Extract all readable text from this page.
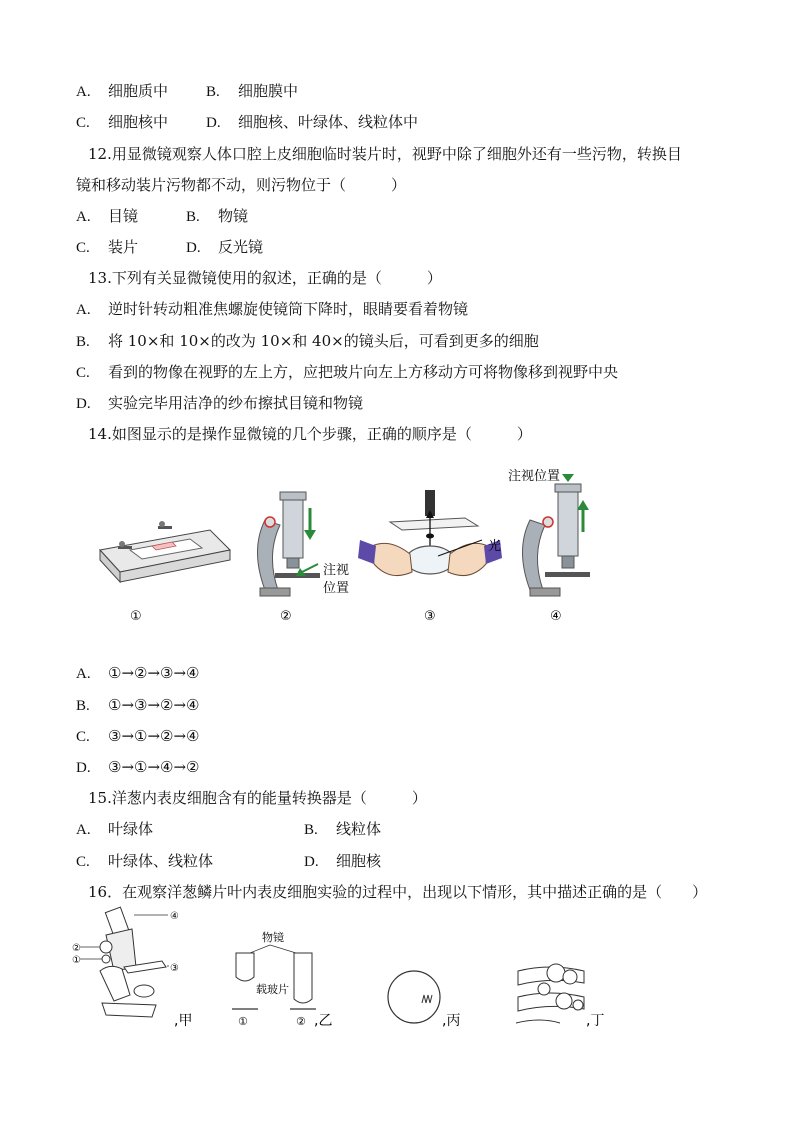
A. 细胞质中	B. 细胞膜中
C. 细胞核中	D. 细胞核、叶绿体、线粒体中
12.用显微镜观察人体口腔上皮细胞临时装片时，视野中除了细胞外还有一些污物，转换目
镜和移动装片污物都不动，则污物位于（　　　）
A. 目镜	B. 物镜
C. 装片	D. 反光镜
13.下列有关显微镜使用的叙述，正确的是（　　　）
A. 逆时针转动粗准焦螺旋使镜筒下降时，眼睛要看着物镜
B. 将 10×和 10×的改为 10×和 40×的镜头后，可看到更多的细胞
C. 看到的物像在视野的左上方，应把玻片向左上方移动方可将物像移到视野中央
D. 实验完毕用洁净的纱布擦拭目镜和物镜
14.如图显示的是操作显微镜的几个步骤，正确的顺序是（　　　）
①
注视
位置
②
光
③
注视位置
④
A. ①→②→③→④
B. ①→③→②→④
C. ③→①→②→④
D. ③→①→④→②
15.洋葱内表皮细胞含有的能量转换器是（　　　）
A. 叶绿体	B. 线粒体
C. 叶绿体、线粒体	D. 细胞核
16．在观察洋葱鳞片叶内表皮细胞实验的过程中，出现以下情形，其中描述正确的是（　　）
②
①
③
④
,甲
物镜
载玻片
①	② ,乙	,丙	,丁
